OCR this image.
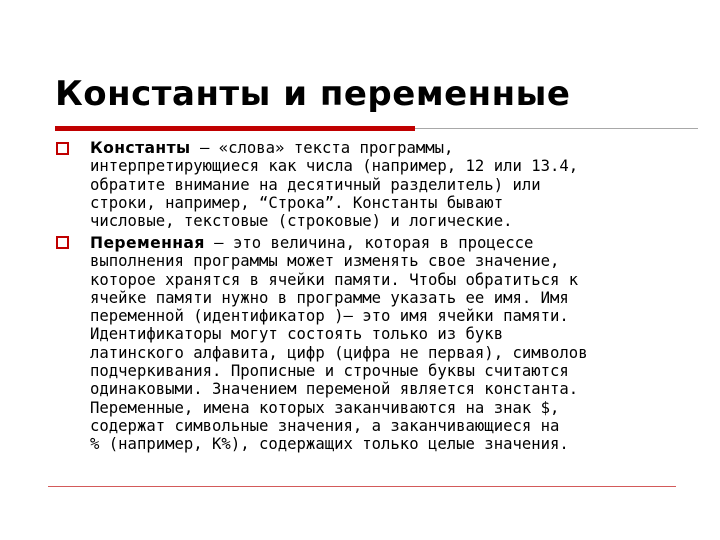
Константы и переменные
Константы – «слова» текста программы,
интерпретирующиеся как числа (например, 12 или 13.4,
обратите внимание на десятичный разделитель) или
строки, например, “Строка”. Константы бывают
числовые, текстовые (строковые) и логические.
Переменная – это величина, которая в процессе
выполнения программы может изменять свое значение,
которое хранятся в ячейки памяти. Чтобы обратиться к
ячейке памяти нужно в программе указать ее имя. Имя
переменной (идентификатор )– это имя ячейки памяти.
Идентификаторы могут состоять только из букв
латинского алфавита, цифр (цифра не первая), символов
подчеркивания. Прописные и строчные буквы считаются
одинаковыми. Значением переменой является константа.
Переменные, имена которых заканчиваются на знак $,
содержат символьные значения, а заканчивающиеся на
% (например, К%), содержащих только целые значения.
